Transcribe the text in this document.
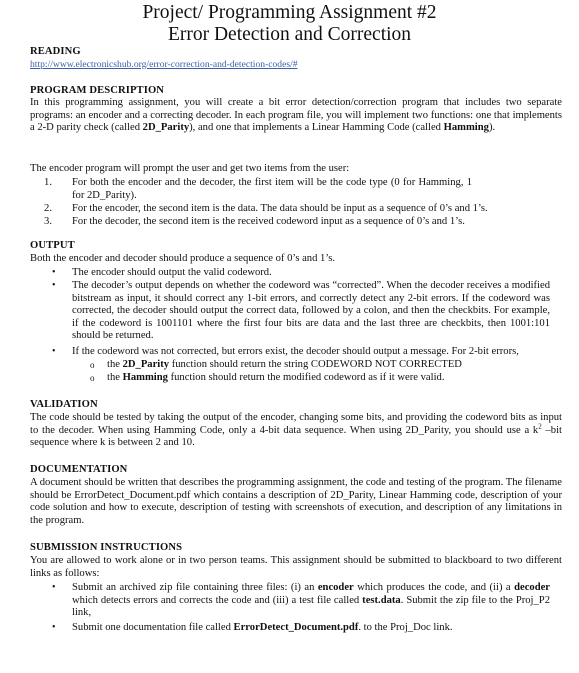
Project/ Programming Assignment #2
Error Detection and Correction
READING
http://www.electronicshub.org/error-correction-and-detection-codes/#
PROGRAM DESCRIPTION
In this programming assignment, you will create a bit error detection/correction program that includes two separate programs: an encoder and a correcting decoder. In each program file, you will implement two functions: one that implements a 2-D parity check (called 2D_Parity), and one that implements a Linear Hamming Code (called Hamming).
The encoder program will prompt the user and get two items from the user:
1. For both the encoder and the decoder, the first item will be the code type (0 for Hamming, 1 for 2D_Parity).
2. For the encoder, the second item is the data. The data should be input as a sequence of 0’s and 1’s.
3. For the decoder, the second item is the received codeword input as a sequence of 0’s and 1’s.
OUTPUT
Both the encoder and decoder should produce a sequence of 0’s and 1’s.
• The encoder should output the valid codeword.
• The decoder’s output depends on whether the codeword was “corrected”. When the decoder receives a modified bitstream as input, it should correct any 1-bit errors, and correctly detect any 2-bit errors. If the codeword was corrected, the decoder should output the correct data, followed by a colon, and then the checkbits. For example, if the codeword is 1001101 where the first four bits are data and the last three are checkbits, then 1001:101 should be returned.
• If the codeword was not corrected, but errors exist, the decoder should output a message. For 2-bit errors,
o the 2D_Parity function should return the string CODEWORD NOT CORRECTED
o the Hamming function should return the modified codeword as if it were valid.
VALIDATION
The code should be tested by taking the output of the encoder, changing some bits, and providing the codeword bits as input to the decoder. When using Hamming Code, only a 4-bit data sequence. When using 2D_Parity, you should use a $k^2$ –bit sequence where k is between 2 and 10.
DOCUMENTATION
A document should be written that describes the programming assignment, the code and testing of the program. The filename should be ErrorDetect_Document.pdf which contains a description of 2D_Parity, Linear Hamming code, description of your code solution and how to execute, description of testing with screenshots of execution, and description of any limitations in the program.
SUBMISSION INSTRUCTIONS
You are allowed to work alone or in two person teams. This assignment should be submitted to blackboard to two different links as follows:
• Submit an archived zip file containing three files: (i) an encoder which produces the code, and (ii) a decoder which detects errors and corrects the code and (iii) a test file called test.data. Submit the zip file to the Proj_P2 link,
• Submit one documentation file called ErrorDetect_Document.pdf. to the Proj_Doc link.
